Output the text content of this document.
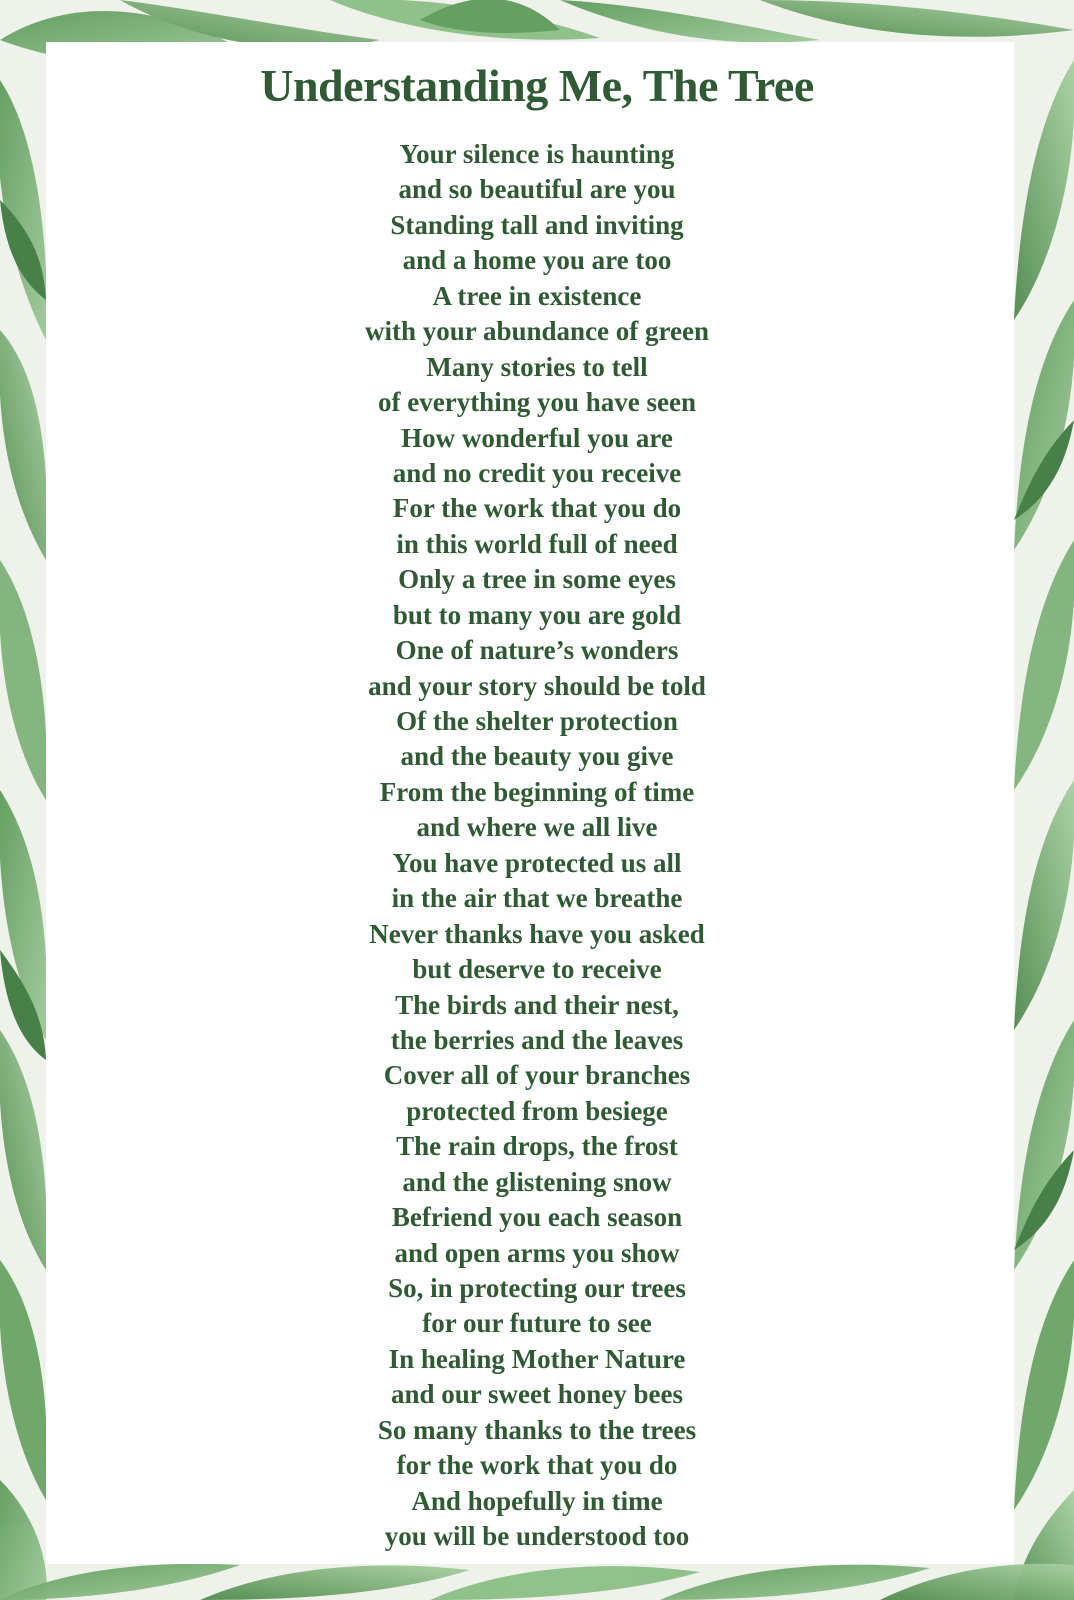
Understanding Me, The Tree
Your silence is haunting
and so beautiful are you
Standing tall and inviting
and a home you are too
A tree in existence
with your abundance of green
Many stories to tell
of everything you have seen
How wonderful you are
and no credit you receive
For the work that you do
in this world full of need
Only a tree in some eyes
but to many you are gold
One of nature’s wonders
and your story should be told
Of the shelter protection
and the beauty you give
From the beginning of time
and where we all live
You have protected us all
in the air that we breathe
Never thanks have you asked
but deserve to receive
The birds and their nest,
the berries and the leaves
Cover all of your branches
protected from besiege
The rain drops, the frost
and the glistening snow
Befriend you each season
and open arms you show
So, in protecting our trees
for our future to see
In healing Mother Nature
and our sweet honey bees
So many thanks to the trees
for the work that you do
And hopefully in time
you will be understood too
